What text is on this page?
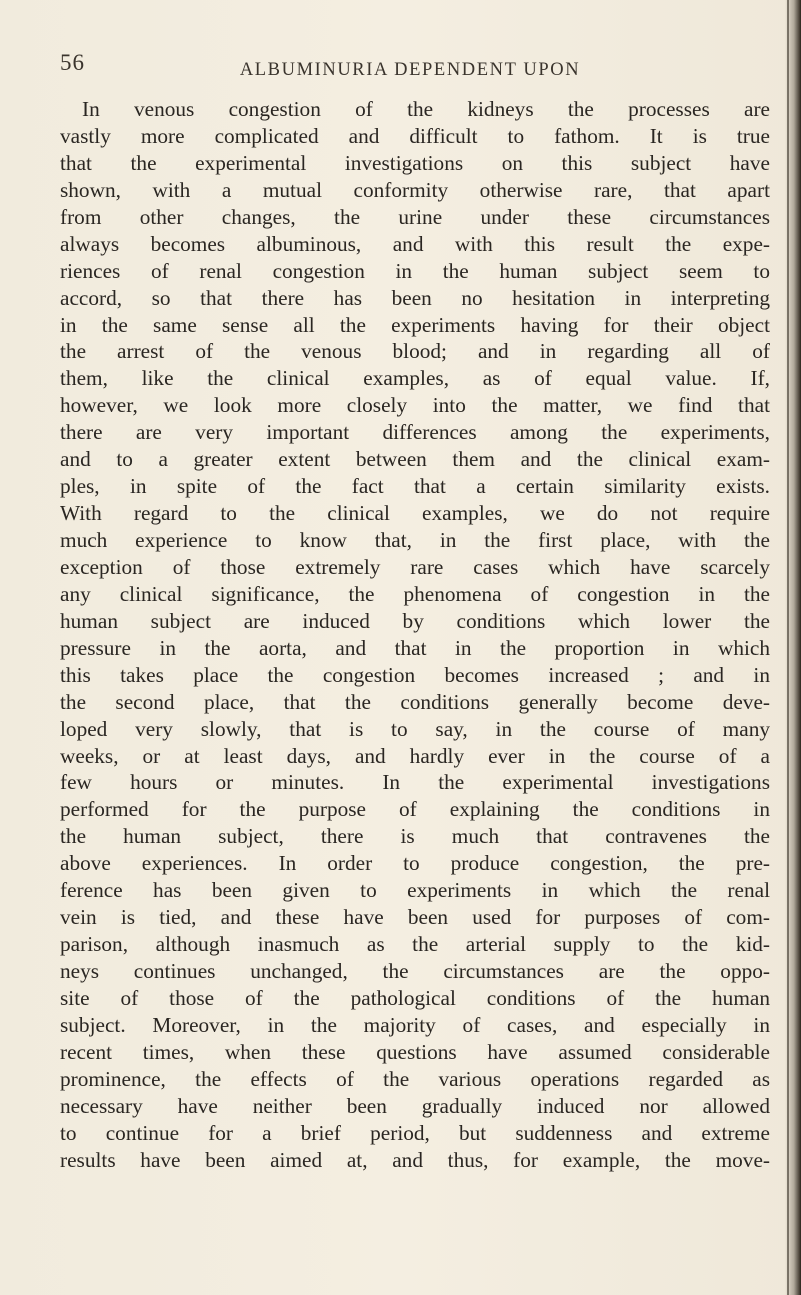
56	ALBUMINURIA DEPENDENT UPON
In venous congestion of the kidneys the processes are
vastly more complicated and difficult to fathom. It is true
that the experimental investigations on this subject have
shown, with a mutual conformity otherwise rare, that apart
from other changes, the urine under these circumstances
always becomes albuminous, and with this result the expe-
riences of renal congestion in the human subject seem to
accord, so that there has been no hesitation in interpreting
in the same sense all the experiments having for their object
the arrest of the venous blood; and in regarding all of
them, like the clinical examples, as of equal value. If,
however, we look more closely into the matter, we find that
there are very important differences among the experiments,
and to a greater extent between them and the clinical exam-
ples, in spite of the fact that a certain similarity exists.
With regard to the clinical examples, we do not require
much experience to know that, in the first place, with the
exception of those extremely rare cases which have scarcely
any clinical significance, the phenomena of congestion in the
human subject are induced by conditions which lower the
pressure in the aorta, and that in the proportion in which
this takes place the congestion becomes increased ; and in
the second place, that the conditions generally become deve-
loped very slowly, that is to say, in the course of many
weeks, or at least days, and hardly ever in the course of a
few hours or minutes. In the experimental investigations
performed for the purpose of explaining the conditions in
the human subject, there is much that contravenes the
above experiences. In order to produce congestion, the pre-
ference has been given to experiments in which the renal
vein is tied, and these have been used for purposes of com-
parison, although inasmuch as the arterial supply to the kid-
neys continues unchanged, the circumstances are the oppo-
site of those of the pathological conditions of the human
subject. Moreover, in the majority of cases, and especially in
recent times, when these questions have assumed considerable
prominence, the effects of the various operations regarded as
necessary have neither been gradually induced nor allowed
to continue for a brief period, but suddenness and extreme
results have been aimed at, and thus, for example, the move-
